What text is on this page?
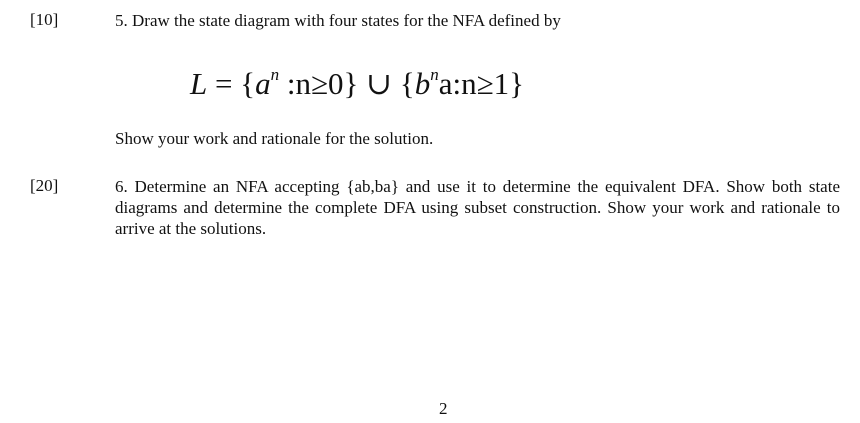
[10]	5. Draw the state diagram with four states for the NFA defined by
$L = \{a^n$ :n≥0} ∪ $\{b^na:n\ge 1\}$
Show your work and rationale for the solution.
[20]	6. Determine an NFA accepting {ab,ba} and use it to determine the equivalent DFA. Show both state diagrams and determine the complete DFA using subset construction. Show your work and rationale to arrive at the solutions.
2
